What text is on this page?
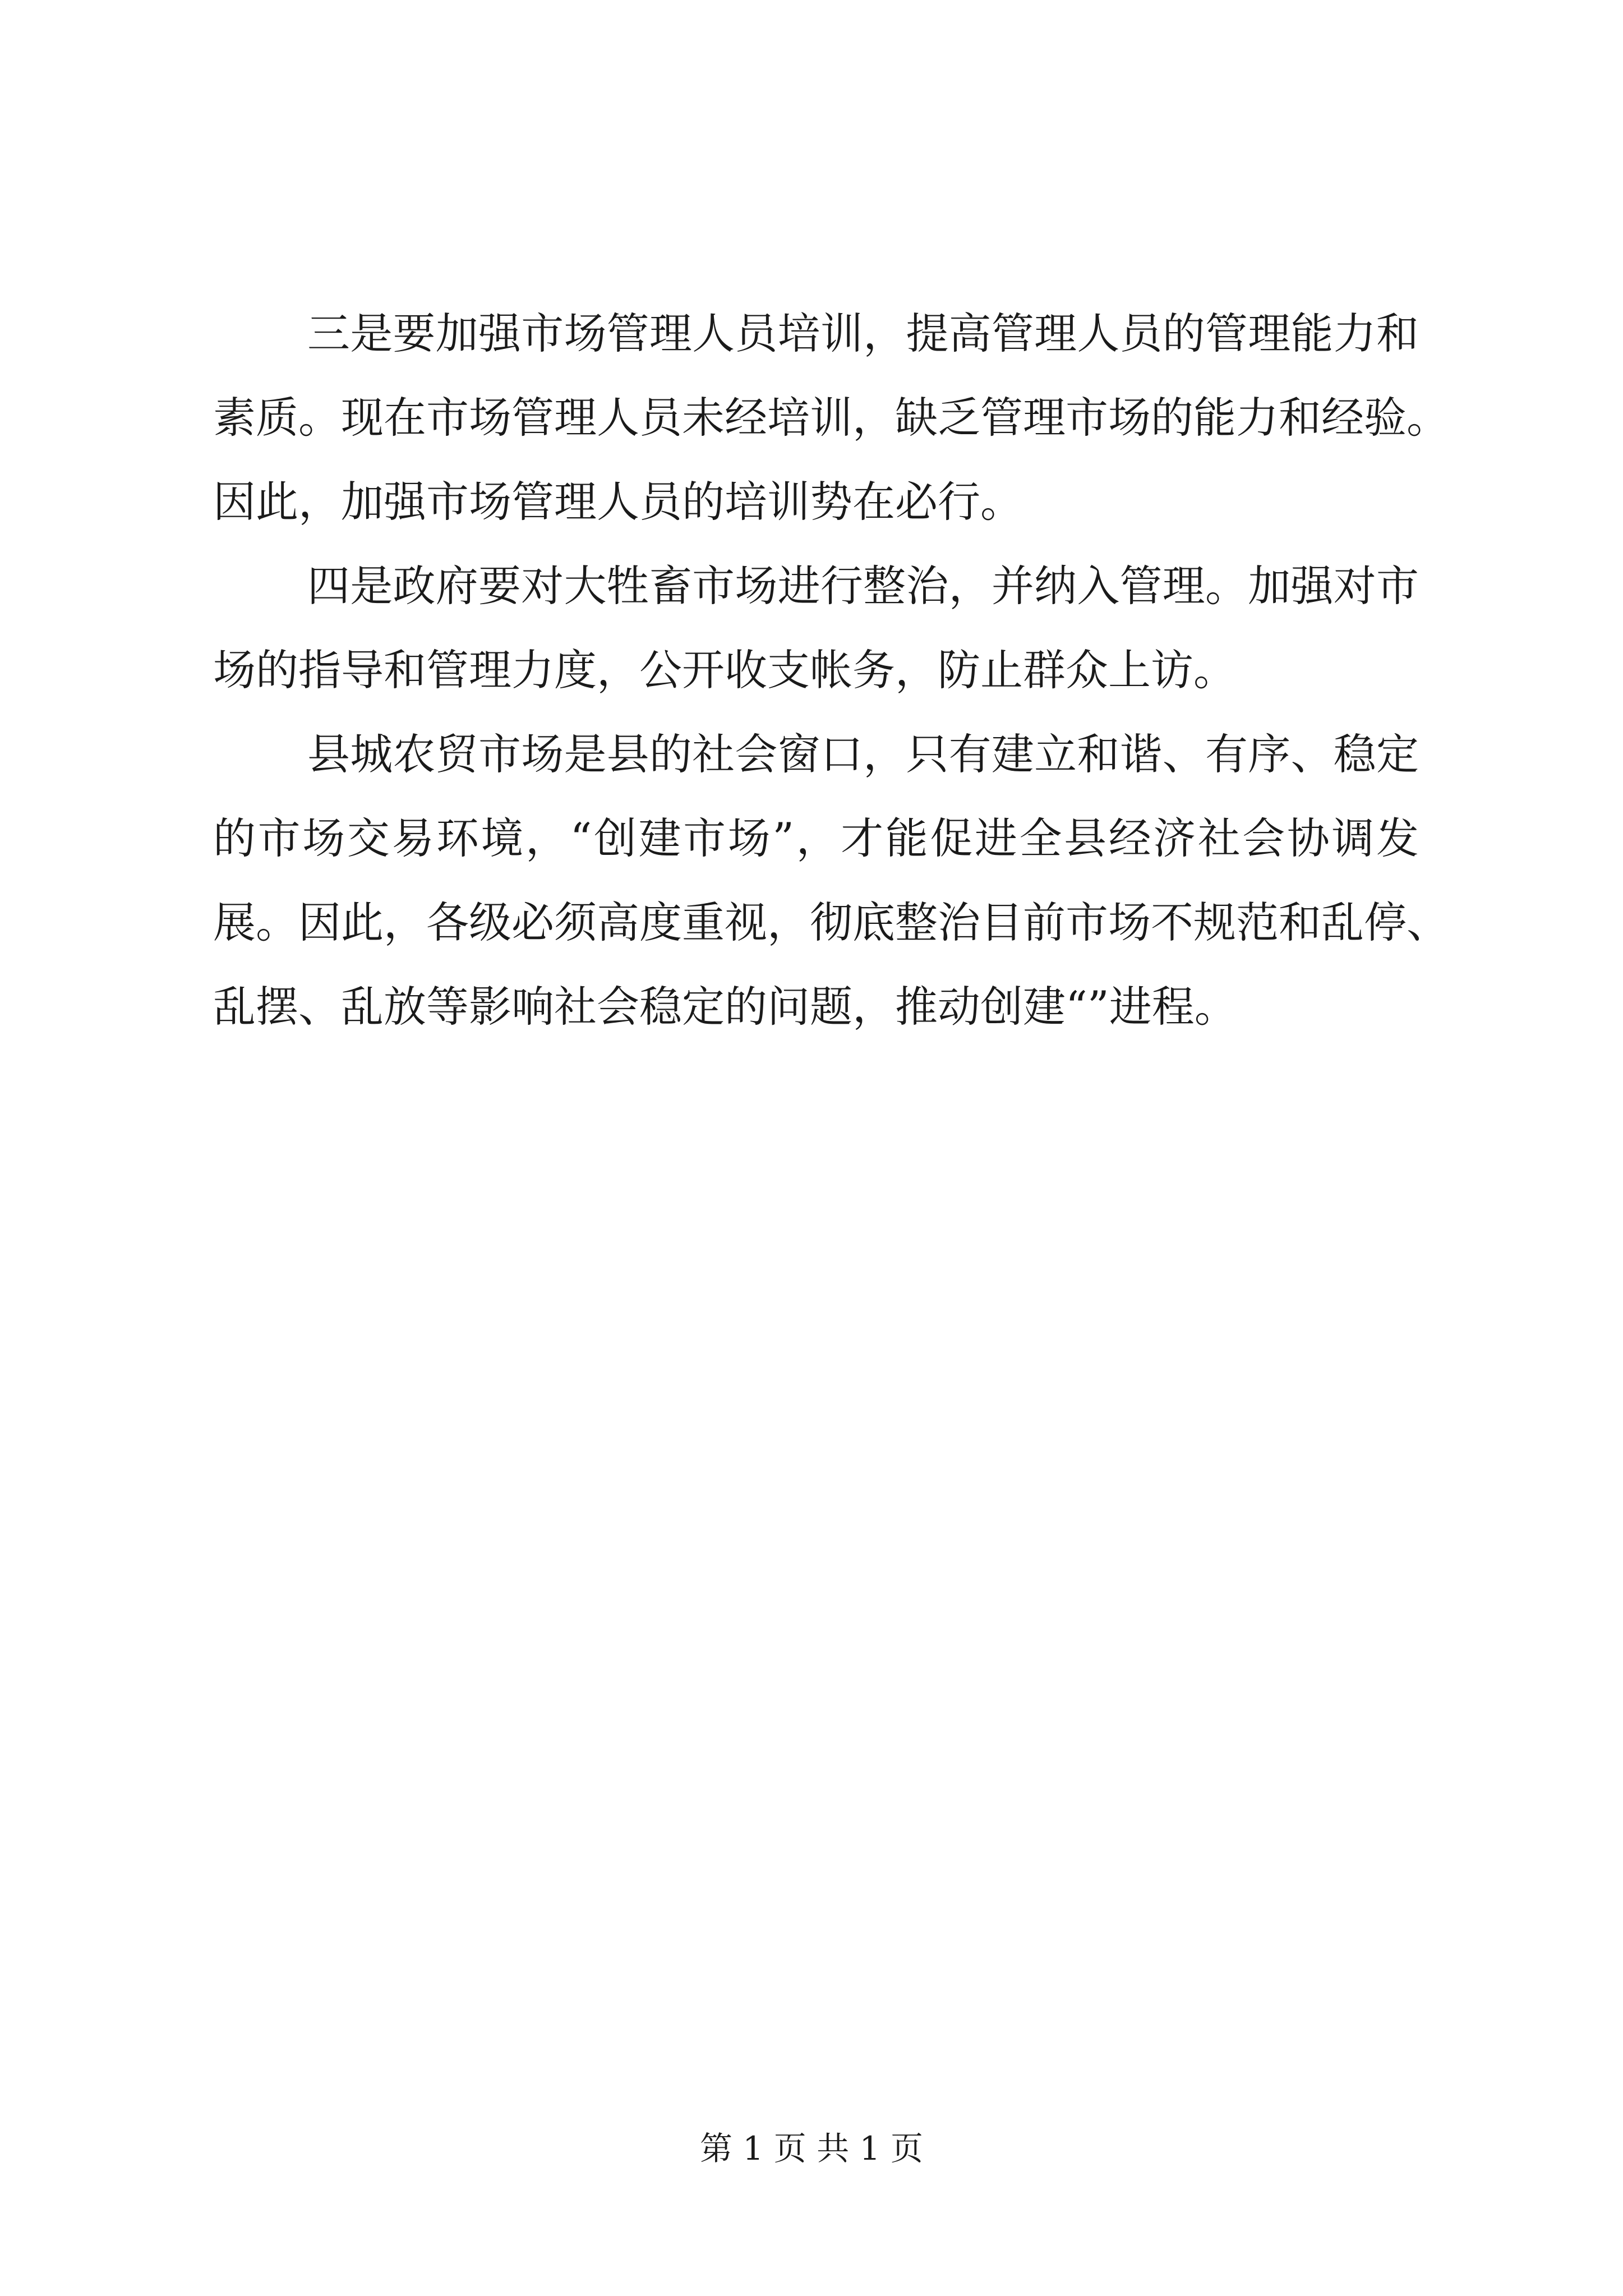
三是要加强市场管理人员培训，提高管理人员的管理能力和
素质。现在市场管理人员未经培训，缺乏管理市场的能力和经验。
因此，加强市场管理人员的培训势在必行。
四是政府要对大牲畜市场进行整治，并纳入管理。加强对市
场的指导和管理力度，公开收支帐务，防止群众上访。
县城农贸市场是县的社会窗口，只有建立和谐、有序、稳定
的市场交易环境，“创建市场”，才能促进全县经济社会协调发
展。因此，各级必须高度重视，彻底整治目前市场不规范和乱停、
乱摆、乱放等影响社会稳定的问题，推动创建“”进程。
第 1 页 共 1 页
